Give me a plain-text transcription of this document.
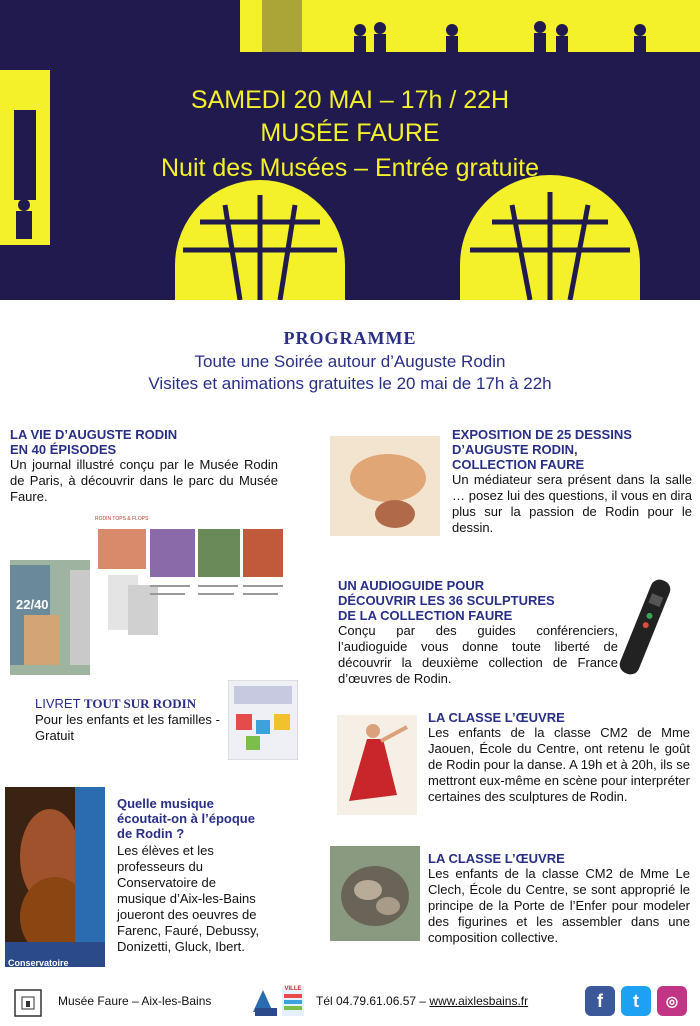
SAMEDI 20 MAI – 17h / 22H
MUSÉE FAURE
Nuit des Musées – Entrée gratuite
PROGRAMME
Toute une Soirée autour d’Auguste Rodin
Visites et animations gratuites le 20 mai de 17h à 22h
LA VIE D’AUGUSTE RODIN
EN 40 ÉPISODES
Un journal illustré conçu par le Musée Rodin de Paris, à découvrir dans le parc du Musée Faure.
RODIN TOPS & FLOPS
22/40
LIVRET TOUT SUR RODIN
Pour les enfants et les familles - Gratuit
Conservatoire
Quelle musique écoutait-on à l’époque de Rodin ?
Les élèves et les professeurs du Conservatoire de musique d’Aix-les-Bains joueront des oeuvres de Farenc, Fauré, Debussy, Donizetti, Gluck, Ibert.
EXPOSITION DE 25 DESSINS
D’AUGUSTE RODIN,
COLLECTION FAURE
Un médiateur sera présent dans la salle … posez lui des questions, il vous en dira plus sur la passion de Rodin pour le dessin.
UN AUDIOGUIDE POUR
DÉCOUVRIR LES 36 SCULPTURES
DE LA COLLECTION FAURE
Conçu par des guides conférenciers, l’audioguide vous donne toute liberté de découvrir la deuxième collection de France d’œuvres de Rodin.
LA CLASSE L’ŒUVRE
Les enfants de la classe CM2 de Mme Jaouen, École du Centre, ont retenu le goût de Rodin pour la danse. A 19h et à 20h, ils se mettront eux-même en scène pour interpréter certaines des sculptures de Rodin.
LA CLASSE L’ŒUVRE
Les enfants de la classe CM2 de Mme Le Clech, École du Centre, se sont approprié le principe de la Porte de l’Enfer pour modeler des figurines et les assembler dans une composition collective.
Musée Faure – Aix-les-Bains
VILLE
Tél 04.79.61.06.57 – www.aixlesbains.fr	f	t	◎
